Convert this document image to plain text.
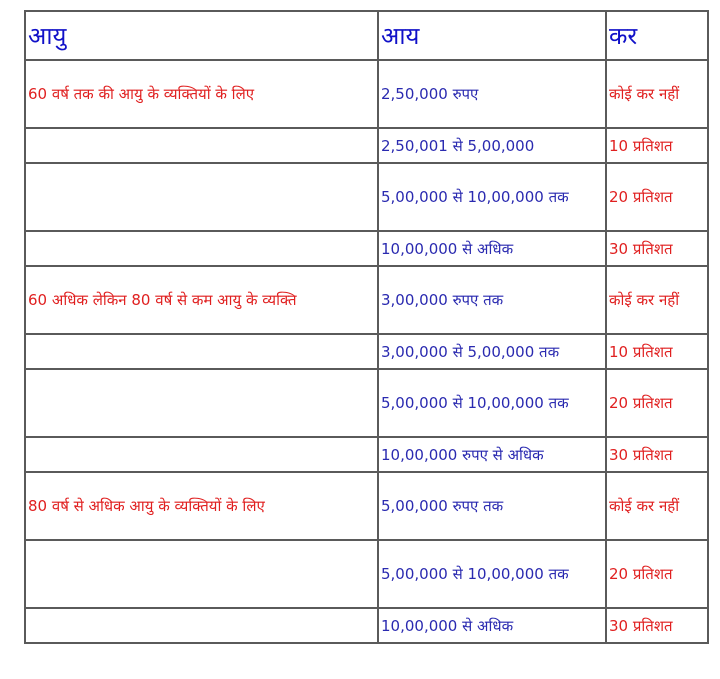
आयु	आय	कर
60 वर्ष तक की आयु के व्यक्तियों के लिए	2,50,000 रुपए	कोई कर नहीं
	2,50,001 से 5,00,000	10 प्रतिशत
	5,00,000 से 10,00,000 तक	20 प्रतिशत
	10,00,000 से अधिक	30 प्रतिशत
60 अधिक लेकिन 80 वर्ष से कम आयु के व्यक्ति	3,00,000 रुपए तक	कोई कर नहीं
	3,00,000 से 5,00,000 तक	10 प्रतिशत
	5,00,000 से 10,00,000 तक	20 प्रतिशत
	10,00,000 रुपए से अधिक	30 प्रतिशत
80 वर्ष से अधिक आयु के व्यक्तियों के लिए	5,00,000 रुपए तक	कोई कर नहीं
	5,00,000 से 10,00,000 तक	20 प्रतिशत
	10,00,000 से अधिक	30 प्रतिशत
